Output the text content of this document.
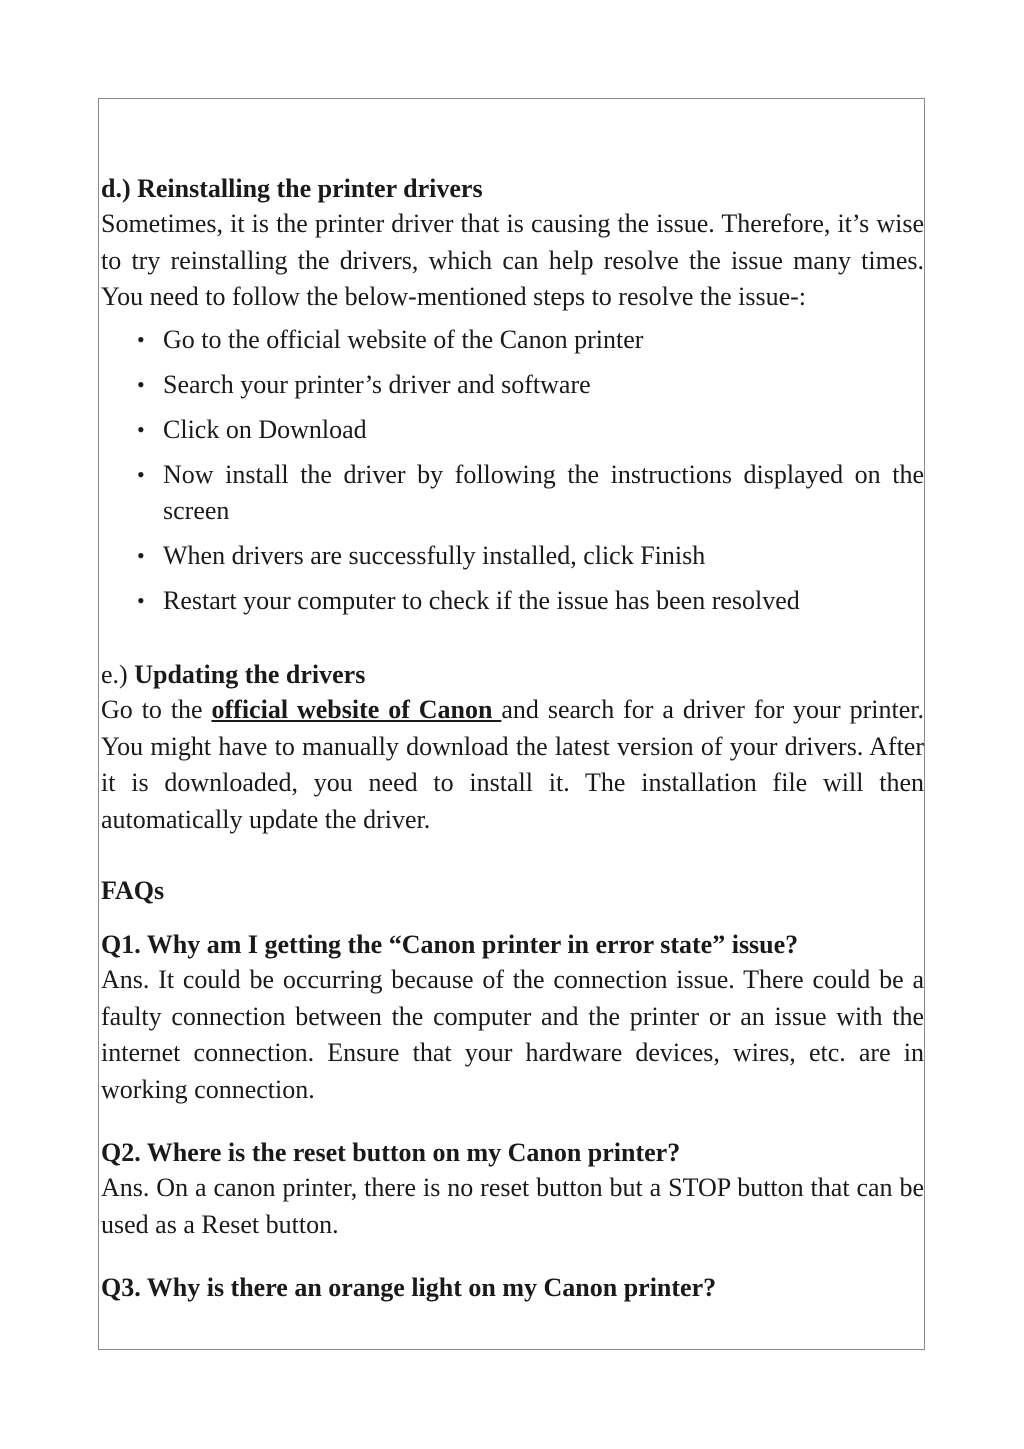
d.) Reinstalling the printer drivers

Sometimes, it is the printer driver that is causing the issue. Therefore, it’s wise to try reinstalling the drivers, which can help resolve the issue many times. You need to follow the below-mentioned steps to resolve the issue-:

• Go to the official website of the Canon printer
• Search your printer’s driver and software
• Click on Download
• Now install the driver by following the instructions displayed on the screen
• When drivers are successfully installed, click Finish
• Restart your computer to check if the issue has been resolved

e.) Updating the drivers

Go to the official website of Canon and search for a driver for your printer. You might have to manually download the latest version of your drivers. After it is downloaded, you need to install it. The installation file will then automatically update the driver.

FAQs

Q1. Why am I getting the “Canon printer in error state” issue?

Ans. It could be occurring because of the connection issue. There could be a faulty connection between the computer and the printer or an issue with the internet connection. Ensure that your hardware devices, wires, etc. are in working connection.

Q2. Where is the reset button on my Canon printer?

Ans. On a canon printer, there is no reset button but a STOP button that can be used as a Reset button.

Q3. Why is there an orange light on my Canon printer?
